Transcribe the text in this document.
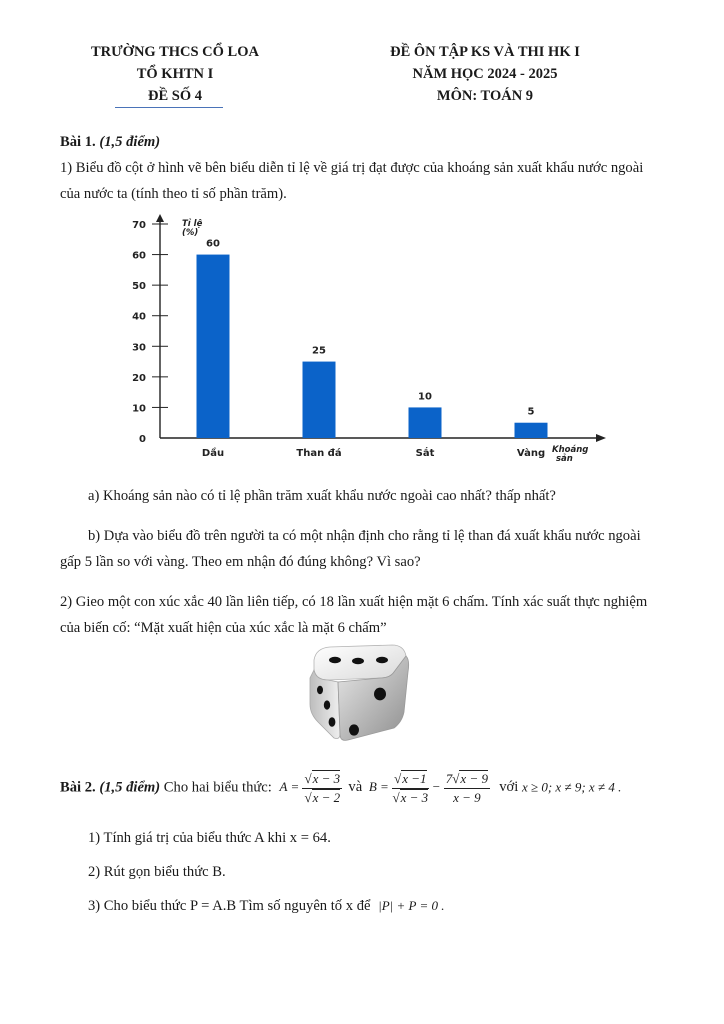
TRƯỜNG THCS CỔ LOA
TỔ KHTN I
ĐỀ SỐ 4
ĐỀ ÔN TẬP KS VÀ THI HK I
NĂM HỌC 2024 - 2025
MÔN: TOÁN 9
Bài 1. (1,5 điểm)
1) Biểu đồ cột ở hình vẽ bên biểu diễn tỉ lệ về giá trị đạt được của khoáng sản xuất khẩu nước ngoài
của nước ta (tính theo tỉ số phần trăm).
0
10
20
30
40
50
60
70	Tỉ lệ
(%)
60
Dầu
25
Than đá
10
Sắt
5
Vàng Khoáng
sản
a) Khoáng sản nào có tỉ lệ phần trăm xuất khẩu nước ngoài cao nhất? thấp nhất?
b) Dựa vào biểu đồ trên người ta có một nhận định cho rằng tỉ lệ than đá xuất khẩu nước ngoài
gấp 5 lần so với vàng. Theo em nhận đó đúng không? Vì sao?
2) Gieo một con xúc xắc 40 lần liên tiếp, có 18 lần xuất hiện mặt 6 chấm. Tính xác suất thực nghiệm
của biến cố: “Mặt xuất hiện của xúc xắc là mặt 6 chấm”
Bài 2. (1,5 điểm) Cho hai biểu thức: $A = \frac{√x - 3}{√x - 2}$ và $B = \frac{√x -1}{√x - 3} - \frac{7√x - 9}{x - 9}$ với x ≥ 0; x ≠ 9; x ≠ 4 .
1) Tính giá trị của biểu thức A khi x = 64.
2) Rút gọn biểu thức B.
3) Cho biểu thức P = A.B Tìm số nguyên tố x để |P| + P = 0 .
